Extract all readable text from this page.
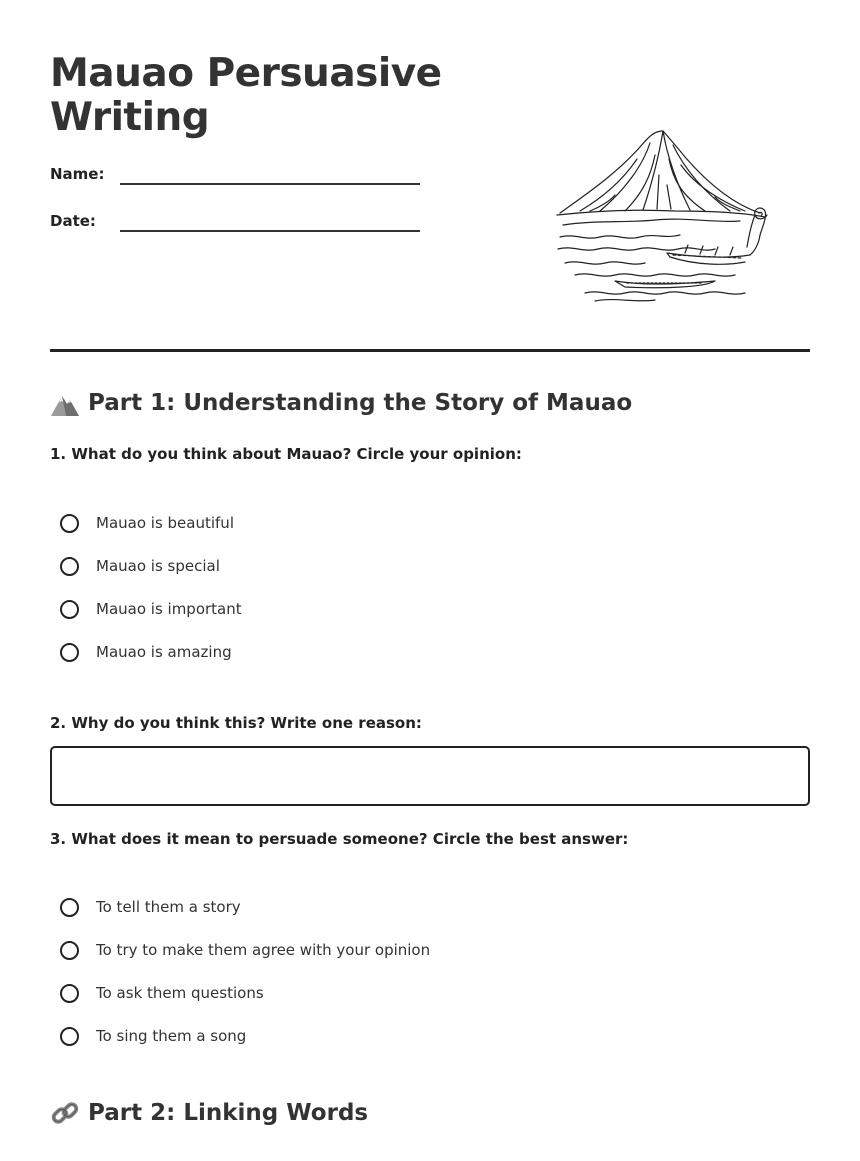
Mauao Persuasive Writing
Name:
Date:
Part 1: Understanding the Story of Mauao
1. What do you think about Mauao? Circle your opinion:
Mauao is beautiful
Mauao is special
Mauao is important
Mauao is amazing
2. Why do you think this? Write one reason:
3. What does it mean to persuade someone? Circle the best answer:
To tell them a story
To try to make them agree with your opinion
To ask them questions
To sing them a song
Part 2: Linking Words
